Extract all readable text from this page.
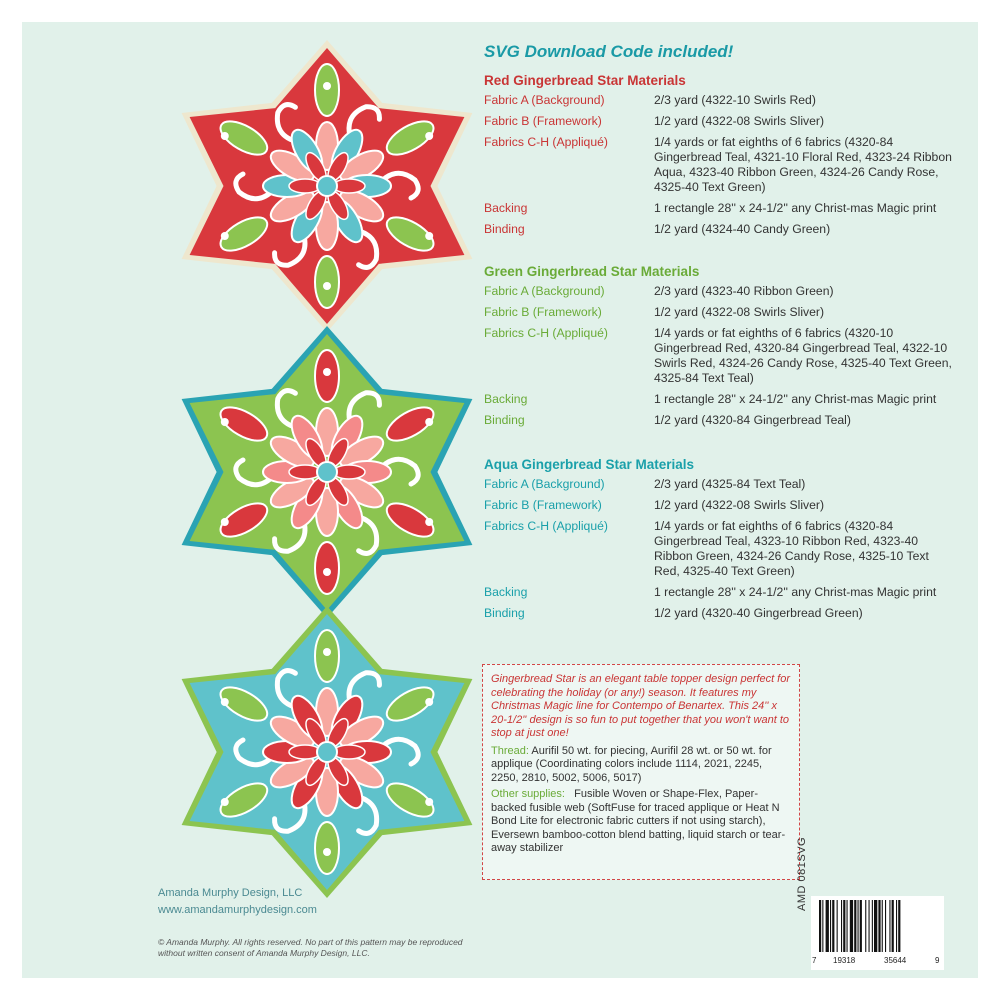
SVG Download Code included!
Red Gingerbread Star Materials
Fabric A (Background)	2/3 yard (4322-10 Swirls Red)
Fabric B (Framework)	1/2 yard (4322-08 Swirls Sliver)
Fabrics C-H (Appliqué)	1/4 yards or fat eighths of 6 fabrics (4320-84 Gingerbread Teal, 4321-10 Floral Red, 4323-24 Ribbon Aqua, 4323-40 Ribbon Green, 4324-26 Candy Rose, 4325-40 Text Green)
Backing	1 rectangle 28'' x 24-1/2'' any Christ-mas Magic print
Binding	1/2 yard (4324-40 Candy Green)
Green Gingerbread Star Materials
Fabric A (Background)	2/3 yard (4323-40 Ribbon Green)
Fabric B (Framework)	1/2 yard (4322-08 Swirls Sliver)
Fabrics C-H (Appliqué)	1/4 yards or fat eighths of 6 fabrics (4320-10 Gingerbread Red, 4320-84 Gingerbread Teal, 4322-10 Swirls Red, 4324-26 Candy Rose, 4325-40 Text Green, 4325-84 Text Teal)
Backing	1 rectangle 28'' x 24-1/2'' any Christ-mas Magic print
Binding	1/2 yard (4320-84 Gingerbread Teal)
Aqua Gingerbread Star Materials
Fabric A (Background)	2/3 yard (4325-84 Text Teal)
Fabric B (Framework)	1/2 yard (4322-08 Swirls Sliver)
Fabrics C-H (Appliqué)	1/4 yards or fat eighths of 6 fabrics (4320-84 Gingerbread Teal, 4323-10 Ribbon Red, 4323-40 Ribbon Green, 4324-26 Candy Rose, 4325-10 Text Red, 4325-40 Text Green)
Backing	1 rectangle 28'' x 24-1/2'' any Christ-mas Magic print
Binding	1/2 yard (4320-40 Gingerbread Green)

Gingerbread Star is an elegant table topper design perfect for celebrating the holiday (or any!) season. It features my Christmas Magic line for Contempo of Benartex. This 24'' x 20-1/2'' design is so fun to put together that you won't want to stop at just one!

Thread: Aurifil 50 wt. for piecing, Aurifil 28 wt. or 50 wt. for applique (Coordinating colors include 1114, 2021, 2245, 2250, 2810, 5002, 5006, 5017)

Other supplies: Fusible Woven or Shape-Flex, Paper-backed fusible web (SoftFuse for traced applique or Heat N Bond Lite for electronic fabric cutters if not using starch), Eversewn bamboo-cotton blend batting, liquid starch or tear-away stabilizer

Amanda Murphy Design, LLC
www.amandamurphydesign.com
© Amanda Murphy. All rights reserved. No part of this pattern may be reproduced without written consent of Amanda Murphy Design, LLC.
AMD 081SVG
7 19318	35644	9
